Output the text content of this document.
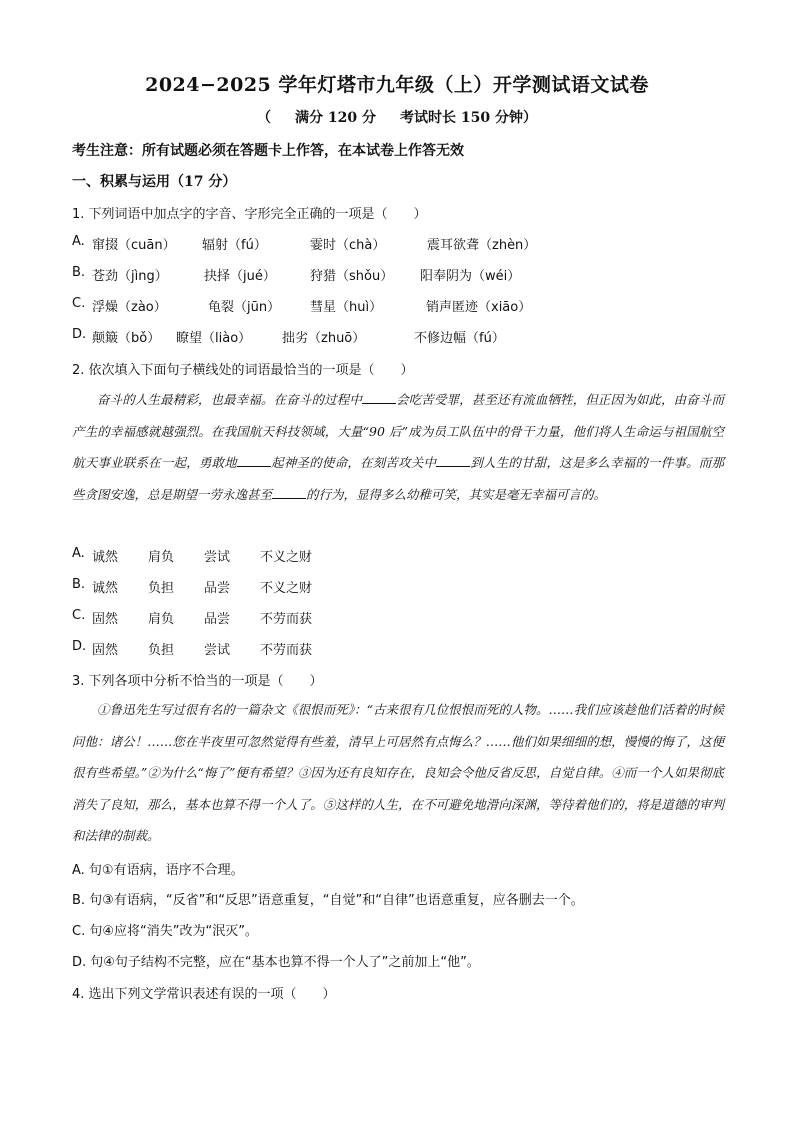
2024−2025 学年灯塔市九年级（上）开学测试语文试卷
（ 满分 120 分 考试时长 150 分钟）
考生注意：所有试题必须在答题卡上作答，在本试卷上作答无效
一、积累与运用（17 分）
1. 下列词语中加点字的字音、字形完全正确的一项是（　　）
A. 窜掇（cuān） 辐射（fú）	霎时（chà）	震耳欲聋（zhèn）
B. 苍劲（jìng）	抉择（jué）	狩猎（shǒu） 阳奉阴为（wéi）
C. 浮燥（zào）	龟裂（jūn） 彗星（huì）	销声匿迹（xiāo）
D. 颠簸（bǒ） 瞭望（liào） 拙劣（zhuō）	不修边幅（fú）
2. 依次填入下面句子横线处的词语最恰当的一项是（　　）
奋斗的人生最精彩，也最幸福。在奋斗的过程中	会吃苦受罪，甚至还有流血牺牲，但正因为如此，由奋斗而产生的幸福感就越强烈。在我国航天科技领域，大量“90 后”成为员工队伍中的骨干力量，他们将人生命运与祖国航空航天事业联系在一起，勇敢地	起神圣的使命，在刻苦攻关中	到人生的甘甜，这是多么幸福的一件事。而那些贪图安逸，总是期望一劳永逸甚至	的行为，显得多么幼稚可笑，其实是毫无幸福可言的。
A. 诚然 肩负 尝试 不义之财
B. 诚然 负担 品尝 不义之财
C. 固然 肩负 品尝 不劳而获
D. 固然 负担 尝试 不劳而获
3. 下列各项中分析不恰当的一项是（　　）
①鲁迅先生写过很有名的一篇杂文《很恨而死》：“古来很有几位恨恨而死的人物。……我们应该趁他们活着的时候问他：诸公！……您在半夜里可忽然觉得有些羞，清早上可居然有点悔么？……他们如果细细的想，慢慢的悔了，这便很有些希望。”②为什么“悔了”便有希望？③因为还有良知存在，良知会令他反省反思，自觉自律。④而一个人如果彻底消失了良知，那么，基本也算不得一个人了。⑤这样的人生，在不可避免地滑向深渊，等待着他们的，将是道德的审判和法律的制裁。
A. 句①有语病，语序不合理。
B. 句③有语病，“反省”和“反思”语意重复，“自觉”和“自律”也语意重复，应各删去一个。
C. 句④应将“消失”改为“泯灭”。
D. 句④句子结构不完整，应在“基本也算不得一个人了”之前加上“他”。
4. 选出下列文学常识表述有误的一项（　　）
